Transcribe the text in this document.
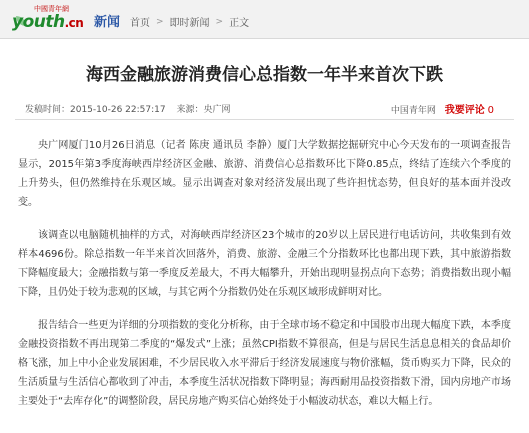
中國青年網
youth.cn 新闻 首页 > 即时新闻 > 正文
海西金融旅游消费信心总指数一年半来首次下跌
发稿时间：2015-10-26 22:57:17 来源：央广网	中国青年网 我要评论 0

央广网厦门10月26日消息（记者 陈庚 通讯员 李静）厦门大学数据挖掘研究中心今天发布的一项调查报告显示，2015年第3季度海峡西岸经济区金融、旅游、消费信心总指数环比下降0.85点，终结了连续六个季度的上升势头，但仍然维持在乐观区域。显示出调查对象对经济发展出现了些许担忧态势，但良好的基本面并没改变。

该调查以电脑随机抽样的方式，对海峡西岸经济区23个城市的20岁以上居民进行电话访问，共收集到有效样本4696份。除总指数一年半来首次回落外，消费、旅游、金融三个分指数环比也都出现下跌，其中旅游指数下降幅度最大；金融指数与第一季度反差最大，不再大幅攀升，开始出现明显拐点向下态势；消费指数出现小幅下降，且仍处于较为悲观的区域，与其它两个分指数仍处在乐观区域形成鲜明对比。

报告结合一些更为详细的分项指数的变化分析称，由于全球市场不稳定和中国股市出现大幅度下跌，本季度金融投资指数不再出现第二季度的“爆发式”上涨；虽然CPI指数不算很高，但是与居民生活息息相关的食品却价格飞涨，加上中小企业发展困难，不少居民收入水平滞后于经济发展速度与物价涨幅，货币购买力下降，民众的生活质量与生活信心都收到了冲击，本季度生活状况指数下降明显；海西耐用品投资指数下滑，国内房地产市场主要处于“去库存化”的调整阶段，居民房地产购买信心始终处于小幅波动状态，难以大幅上行。
